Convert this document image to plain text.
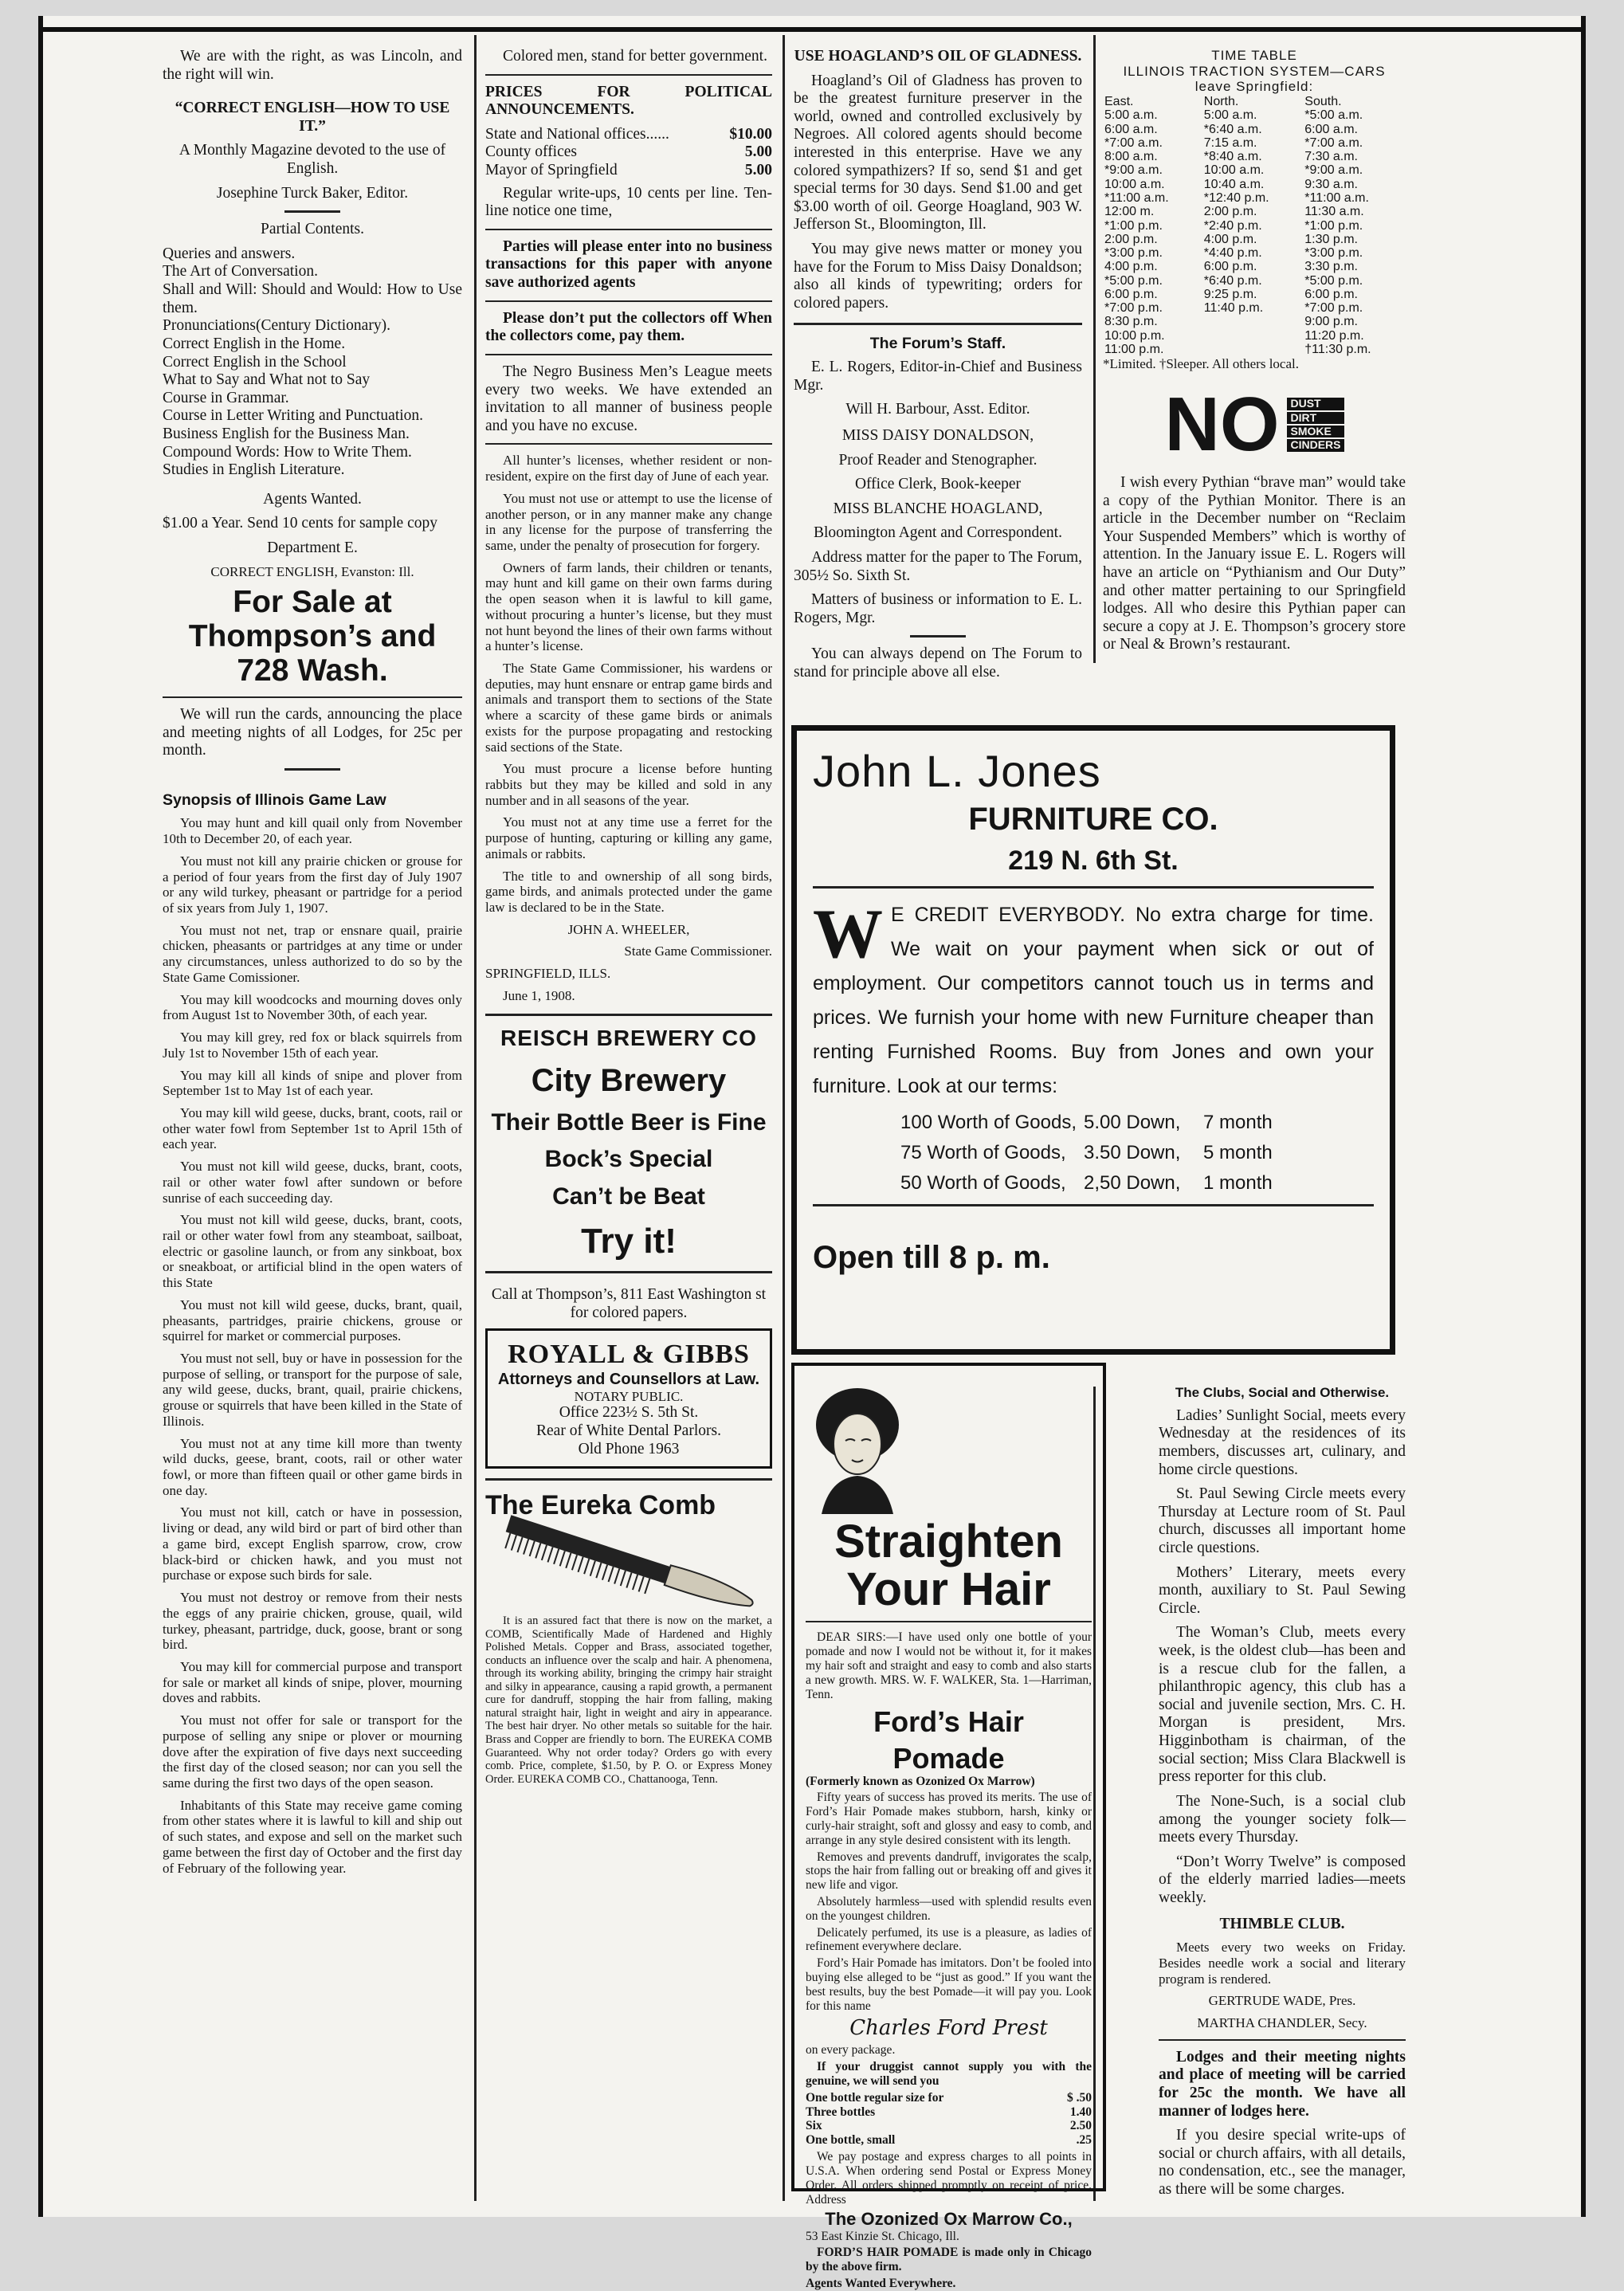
We are with the right, as was Lincoln, and the right will win.

“CORRECT ENGLISH—HOW TO USE IT.”

A Monthly Magazine devoted to the use of English.

Josephine Turck Baker, Editor.

Partial Contents.

Queries and answers.
The Art of Conversation.
Shall and Will: Should and Would: How to Use them.
Pronunciations(Century Dictionary).
Correct English in the Home.
Correct English in the School
What to Say and What not to Say
Course in Grammar.
Course in Letter Writing and Punctuation.
Business English for the Business Man.
Compound Words: How to Write Them.
Studies in English Literature.

Agents Wanted.

$1.00 a Year. Send 10 cents for sample copy

Department E.

CORRECT ENGLISH, Evanston: Ill.

For Sale at Thompson’s and 728 Wash.

We will run the cards, announcing the place and meeting nights of all Lodges, for 25c per month.

Synopsis of Illinois Game Law

You may hunt and kill quail only from November 10th to December 20, of each year.

You must not kill any prairie chicken or grouse for a period of four years from the first day of July 1907 or any wild turkey, pheasant or partridge for a period of six years from July 1, 1907.

You must not net, trap or ensnare quail, prairie chicken, pheasants or partridges at any time or under any circumstances, unless authorized to do so by the State Game Comissioner.

You may kill woodcocks and mourning doves only from August 1st to November 30th, of each year.

You may kill grey, red fox or black squirrels from July 1st to November 15th of each year.

You may kill all kinds of snipe and plover from September 1st to May 1st of each year.

You may kill wild geese, ducks, brant, coots, rail or other water fowl from September 1st to April 15th of each year.

You must not kill wild geese, ducks, brant, coots, rail or other water fowl after sundown or before sunrise of each succeeding day.

You must not kill wild geese, ducks, brant, coots, rail or other water fowl from any steamboat, sailboat, electric or gasoline launch, or from any sinkboat, box or sneakboat, or artificial blind in the open waters of this State

You must not kill wild geese, ducks, brant, quail, pheasants, partridges, prairie chickens, grouse or squirrel for market or commercial purposes.

You must not sell, buy or have in possession for the purpose of selling, or transport for the purpose of sale, any wild geese, ducks, brant, quail, prairie chickens, grouse or squirrels that have been killed in the State of Illinois.

You must not at any time kill more than twenty wild ducks, geese, brant, coots, rail or other water fowl, or more than fifteen quail or other game birds in one day.

You must not kill, catch or have in possession, living or dead, any wild bird or part of bird other than a game bird, except English sparrow, crow, crow black-bird or chicken hawk, and you must not purchase or expose such birds for sale.

You must not destroy or remove from their nests the eggs of any prairie chicken, grouse, quail, wild turkey, pheasant, partridge, duck, goose, brant or song bird.

You may kill for commercial purpose and transport for sale or market all kinds of snipe, plover, mourning doves and rabbits.

You must not offer for sale or transport for the purpose of selling any snipe or plover or mourning dove after the expiration of five days next succeeding the first day of the closed season; nor can you sell the same during the first two days of the open season.

Inhabitants of this State may receive game coming from other states where it is lawful to kill and ship out of such states, and expose and sell on the market such game between the first day of October and the first day of February of the following year.

Colored men, stand for better government.

PRICES FOR POLITICAL ANNOUNCEMENTS.

State and National offices......	$10.00
County offices	5.00
Mayor of Springfield	5.00

Regular write-ups, 10 cents per line. Ten-line notice one time,

Parties will please enter into no business transactions for this paper with anyone save authorized agents

Please don’t put the collectors off When the collectors come, pay them.

The Negro Business Men’s League meets every two weeks. We have extended an invitation to all manner of business people and you have no excuse.

All hunter’s licenses, whether resident or non-resident, expire on the first day of June of each year.

You must not use or attempt to use the license of another person, or in any manner make any change in any license for the purpose of transferring the same, under the penalty of prosecution for forgery.

Owners of farm lands, their children or tenants, may hunt and kill game on their own farms during the open season when it is lawful to kill game, without procuring a hunter’s license, but they must not hunt beyond the lines of their own farms without a hunter’s license.

The State Game Commissioner, his wardens or deputies, may hunt ensnare or entrap game birds and animals and transport them to sections of the State where a scarcity of these game birds or animals exists for the purpose propagating and restocking said sections of the State.

You must procure a license before hunting rabbits but they may be killed and sold in any number and in all seasons of the year.

You must not at any time use a ferret for the purpose of hunting, capturing or killing any game, animals or rabbits.

The title to and ownership of all song birds, game birds, and animals protected under the game law is declared to be in the State.

JOHN A. WHEELER,

State Game Commissioner.

SPRINGFIELD, ILLS.

June 1, 1908.

REISCH BREWERY CO
City Brewery
Their Bottle Beer is Fine
Bock’s Special
Can’t be Beat
Try it!

Call at Thompson’s, 811 East Washington st for colored papers.

ROYALL & GIBBS
Attorneys and Counsellors at Law.
NOTARY PUBLIC.
Office 223½ S. 5th St.
Rear of White Dental Parlors.
Old Phone 1963
The Eureka Comb

It is an assured fact that there is now on the market, a COMB, Scientifically Made of Hardened and Highly Polished Metals. Copper and Brass, associated together, conducts an influence over the scalp and hair. A phenomena, through its working ability, bringing the crimpy hair straight and silky in appearance, causing a rapid growth, a permanent cure for dandruff, stopping the hair from falling, making natural straight hair, light in weight and airy in appearance. The best hair dryer. No other metals so suitable for the hair. Brass and Copper are friendly to born. The EUREKA COMB Guaranteed. Why not order today? Orders go with every comb. Price, complete, $1.50, by P. O. or Express Money Order. EUREKA COMB CO., Chattanooga, Tenn.

USE HOAGLAND’S OIL OF GLADNESS.

Hoagland’s Oil of Gladness has proven to be the greatest furniture preserver in the world, owned and controlled exclusively by Negroes. All colored agents should become interested in this enterprise. Have we any colored sympathizers? If so, send $1 and get special terms for 30 days. Send $1.00 and get $3.00 worth of oil. George Hoagland, 903 W. Jefferson St., Bloomington, Ill.

You may give news matter or money you have for the Forum to Miss Daisy Donaldson; also all kinds of typewriting; orders for colored papers.

The Forum’s Staff.

E. L. Rogers, Editor-in-Chief and Business Mgr.

Will H. Barbour, Asst. Editor.

MISS DAISY DONALDSON,

Proof Reader and Stenographer.

Office Clerk, Book-keeper

MISS BLANCHE HOAGLAND,

Bloomington Agent and Correspondent.

Address matter for the paper to The Forum, 305½ So. Sixth St.

Matters of business or information to E. L. Rogers, Mgr.

You can always depend on The Forum to stand for principle above all else.

TIME TABLE
ILLINOIS TRACTION SYSTEM—CARS
leave Springfield:
East.	North.	South.
5:00 a.m.	5:00 a.m.	*5:00 a.m.
6:00 a.m.	*6:40 a.m.	6:00 a.m.
*7:00 a.m.	7:15 a.m.	*7:00 a.m.
8:00 a.m.	*8:40 a.m.	7:30 a.m.
*9:00 a.m.	10:00 a.m.	*9:00 a.m.
10:00 a.m.	10:40 a.m.	9:30 a.m.
*11:00 a.m.	*12:40 p.m.	*11:00 a.m.
12:00 m.	2:00 p.m.	11:30 a.m.
*1:00 p.m.	*2:40 p.m.	*1:00 p.m.
2:00 p.m.	4:00 p.m.	1:30 p.m.
*3:00 p.m.	*4:40 p.m.	*3:00 p.m.
4:00 p.m.	6:00 p.m.	3:30 p.m.
*5:00 p.m.	*6:40 p.m.	*5:00 p.m.
6:00 p.m.	9:25 p.m.	6:00 p.m.
*7:00 p.m.	11:40 p.m.	*7:00 p.m.
8:30 p.m.		9:00 p.m.
10:00 p.m.		11:20 p.m.
11:00 p.m.		†11:30 p.m.

*Limited. †Sleeper. All others local.

NO DUST
DIRT
SMOKE
CINDERS

I wish every Pythian “brave man” would take a copy of the Pythian Monitor. There is an article in the December number on “Reclaim Your Suspended Members” which is worthy of attention. In the January issue E. L. Rogers will have an article on “Pythianism and Our Duty” and other matter pertaining to our Springfield lodges. All who desire this Pythian paper can secure a copy at J. E. Thompson’s grocery store or Neal & Brown’s restaurant.

John L. Jones
FURNITURE CO.
219 N. 6th St.
W E CREDIT EVERYBODY. No extra charge for time. We wait on your payment when sick or out of employment. Our competitors cannot touch us in terms and prices. We furnish your home with new Furniture cheaper than renting Furnished Rooms. Buy from Jones and own your furniture. Look at our terms:
100 Worth of Goods, 5.00 Down,	7 month
75 Worth of Goods, 3.50 Down,	5 month
50 Worth of Goods, 2,50 Down,	1 month
Open till 8 p. m.
Straighten
Your Hair

DEAR SIRS:—I have used only one bottle of your pomade and now I would not be without it, for it makes my hair soft and straight and easy to comb and also starts a new growth. MRS. W. F. WALKER, Sta. 1—Harriman, Tenn.

Ford’s Hair
Pomade

(Formerly known as Ozonized Ox Marrow)

Fifty years of success has proved its merits. The use of Ford’s Hair Pomade makes stubborn, harsh, kinky or curly-hair straight, soft and glossy and easy to comb, and arrange in any style desired consistent with its length.

Removes and prevents dandruff, invigorates the scalp, stops the hair from falling out or breaking off and gives it new life and vigor.

Absolutely harmless—used with splendid results even on the youngest children.

Delicately perfumed, its use is a pleasure, as ladies of refinement everywhere declare.

Ford’s Hair Pomade has imitators. Don’t be fooled into buying else alleged to be “just as good.” If you want the best results, buy the best Pomade—it will pay you. Look for this name

Charles Ford Prest

on every package.

If your druggist cannot supply you with the genuine, we will send you

One bottle regular size for	$ .50
Three bottles	1.40
Six	2.50
One bottle, small	.25

We pay postage and express charges to all points in U.S.A. When ordering send Postal or Express Money Order. All orders shipped promptly on receipt of price. Address

The Ozonized Ox Marrow Co.,

53 East Kinzie St. Chicago, Ill.

FORD’S HAIR POMADE is made only in Chicago by the above firm.

Agents Wanted Everywhere.

The Clubs, Social and Otherwise.

Ladies’ Sunlight Social, meets every Wednesday at the residences of its members, discusses art, culinary, and home circle questions.

St. Paul Sewing Circle meets every Thursday at Lecture room of St. Paul church, discusses all important home circle questions.

Mothers’ Literary, meets every month, auxiliary to St. Paul Sewing Circle.

The Woman’s Club, meets every week, is the oldest club—has been and is a rescue club for the fallen, a philanthropic agency, this club has a social and juvenile section, Mrs. C. H. Morgan is president, Mrs. Higginbotham is chairman, of the social section; Miss Clara Blackwell is press reporter for this club.

The None-Such, is a social club among the younger society folk—meets every Thursday.

“Don’t Worry Twelve” is composed of the elderly married ladies—meets weekly.

THIMBLE CLUB.

Meets every two weeks on Friday. Besides needle work a social and literary program is rendered.

GERTRUDE WADE, Pres.

MARTHA CHANDLER, Secy.

Lodges and their meeting nights and place of meeting will be carried for 25c the month. We have all manner of lodges here.

If you desire special write-ups of social or church affairs, with all details, no condensation, etc., see the manager, as there will be some charges.
